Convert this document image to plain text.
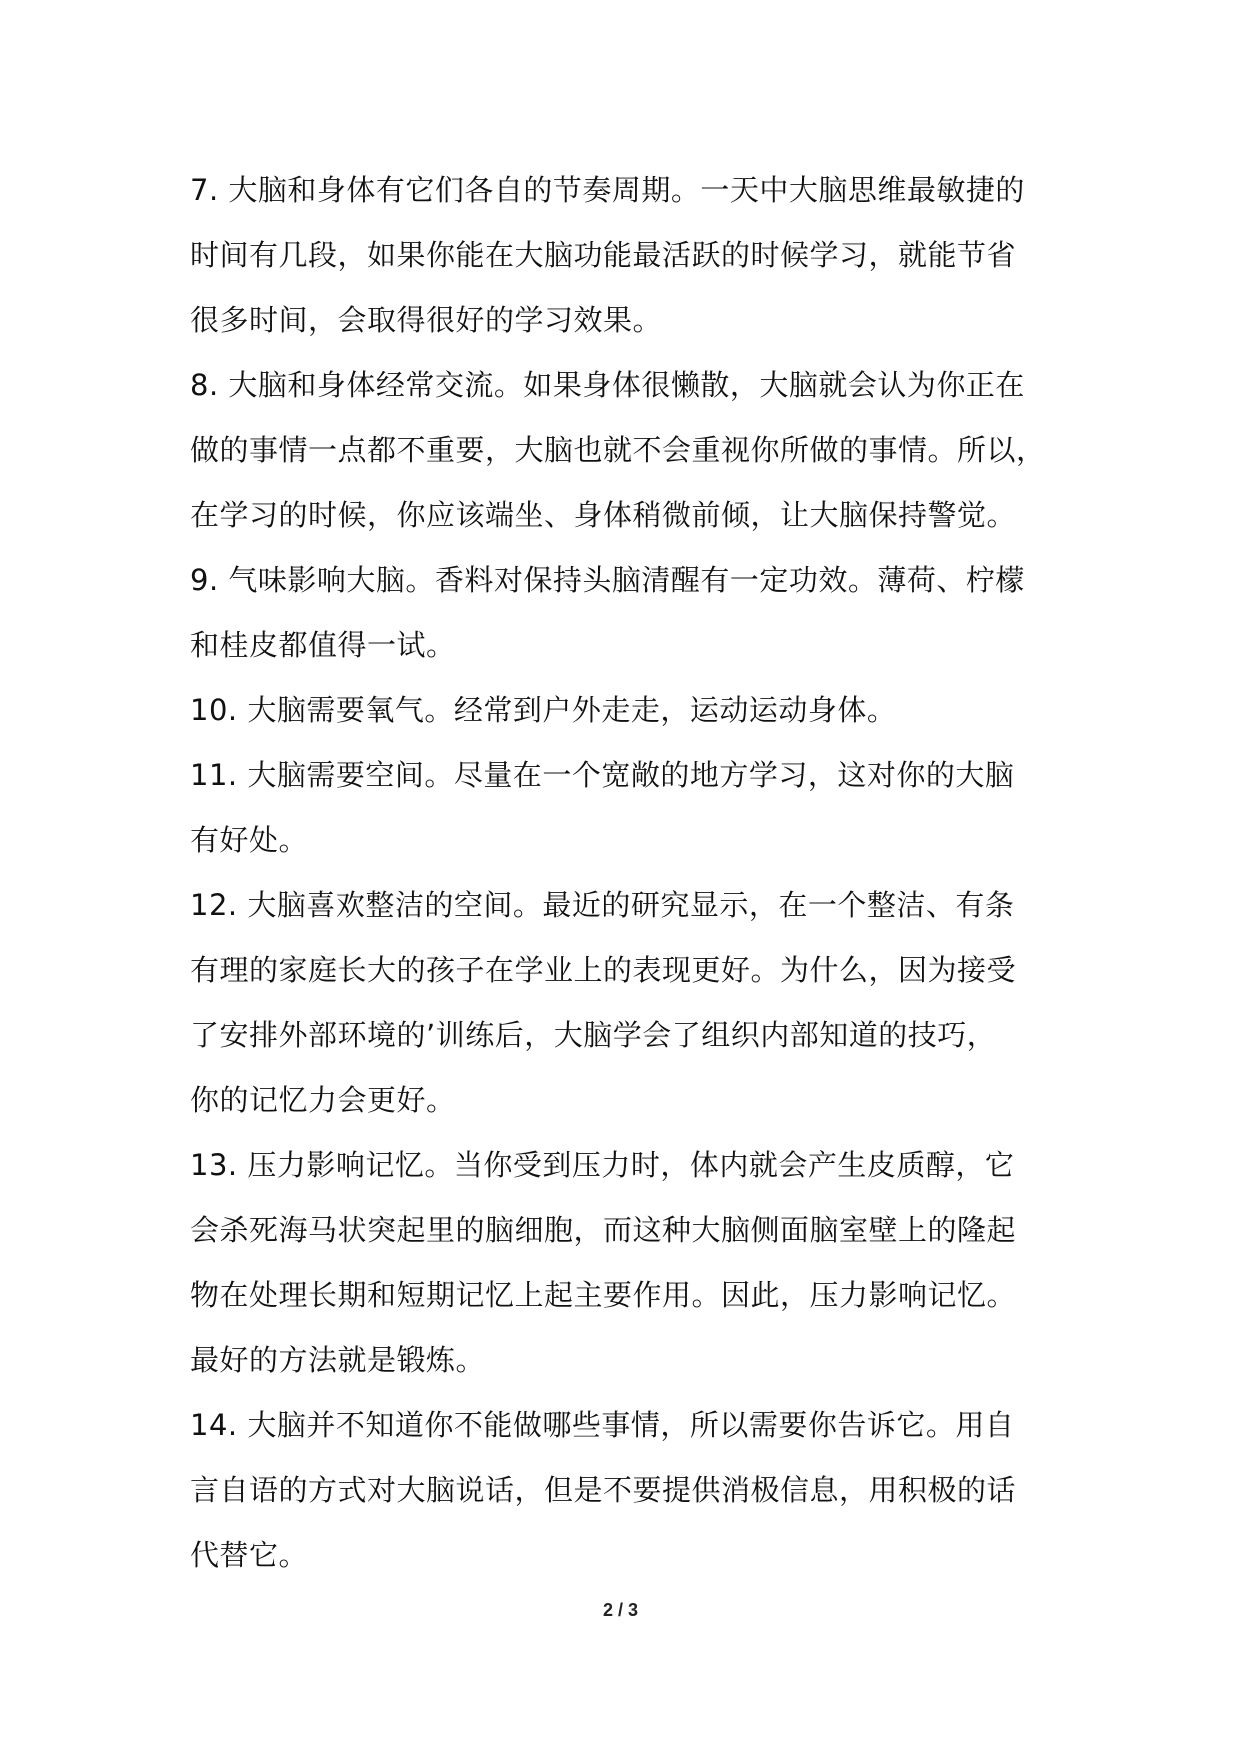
7. 大脑和身体有它们各自的节奏周期。一天中大脑思维最敏捷的
时间有几段，如果你能在大脑功能最活跃的时候学习，就能节省
很多时间，会取得很好的学习效果。
8. 大脑和身体经常交流。如果身体很懒散，大脑就会认为你正在
做的事情一点都不重要，大脑也就不会重视你所做的事情。所以，
在学习的时候，你应该端坐、身体稍微前倾，让大脑保持警觉。
9. 气味影响大脑。香料对保持头脑清醒有一定功效。薄荷、柠檬
和桂皮都值得一试。
10. 大脑需要氧气。经常到户外走走，运动运动身体。
11. 大脑需要空间。尽量在一个宽敞的地方学习，这对你的大脑
有好处。
12. 大脑喜欢整洁的空间。最近的研究显示，在一个整洁、有条
有理的家庭长大的孩子在学业上的表现更好。为什么，因为接受
了安排外部环境的’训练后，大脑学会了组织内部知道的技巧，
你的记忆力会更好。
13. 压力影响记忆。当你受到压力时，体内就会产生皮质醇，它
会杀死海马状突起里的脑细胞，而这种大脑侧面脑室壁上的隆起
物在处理长期和短期记忆上起主要作用。因此，压力影响记忆。
最好的方法就是锻炼。
14. 大脑并不知道你不能做哪些事情，所以需要你告诉它。用自
言自语的方式对大脑说话，但是不要提供消极信息，用积极的话
代替它。
2 / 3
